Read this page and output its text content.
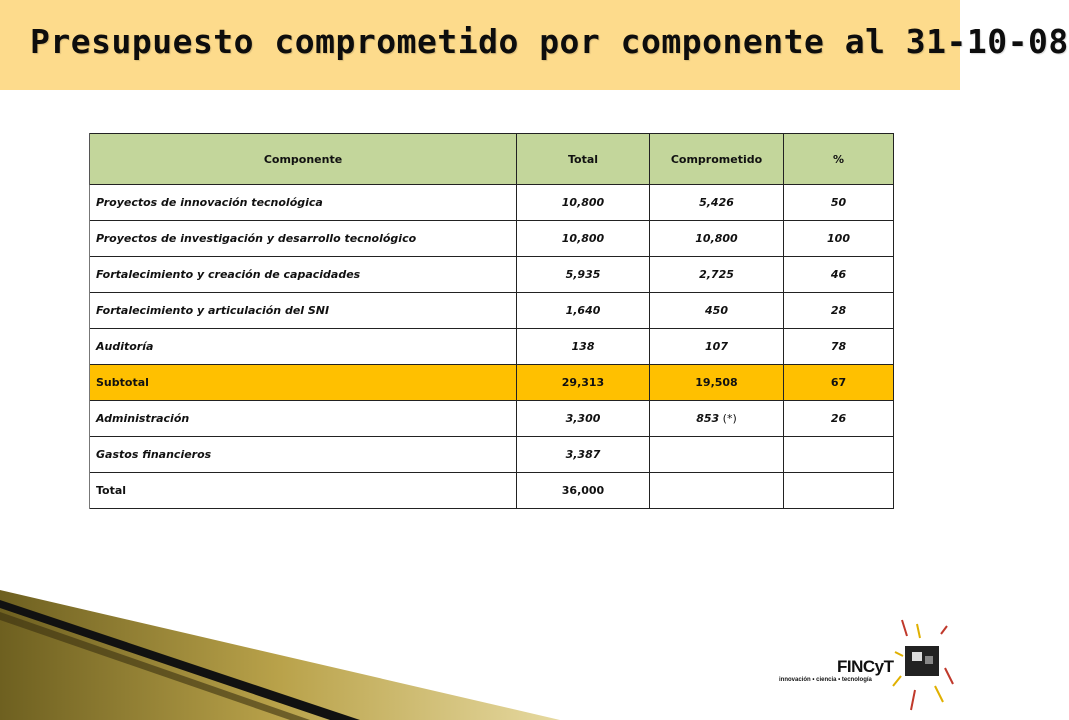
Presupuesto comprometido por componente al 31-10-08
Componente	Total	Comprometido	%
Proyectos de innovación tecnológica	10,800	5,426	50
Proyectos de investigación y desarrollo tecnológico	10,800	10,800	100
Fortalecimiento y creación de capacidades	5,935	2,725	46
Fortalecimiento y articulación del SNI	1,640	450	28
Auditoría	138	107	78
Subtotal	29,313	19,508	67
Administración	3,300	853 (*)	26
Gastos financieros	3,387		
Total	36,000		
FINCyT
innovación • ciencia • tecnología
